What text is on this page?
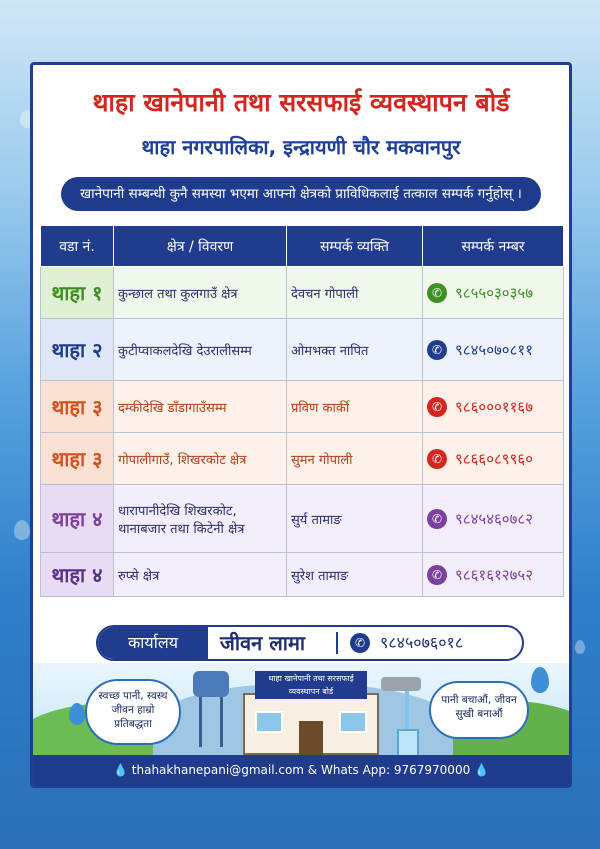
थाहा खानेपानी तथा सरसफाई व्यवस्थापन बोर्ड
थाहा नगरपालिका, इन्द्रायणी चौर मकवानपुर
खानेपानी सम्बन्धी कुनै समस्या भएमा आफ्नो क्षेत्रको प्राविधिकलाई तत्काल सम्पर्क गर्नुहोस् ।
वडा नं.	क्षेत्र / विवरण	सम्पर्क व्यक्ति	सम्पर्क नम्बर
थाहा १	कुन्छाल तथा कुलगाउँ क्षेत्र	देवचन गोपाली	✆ ९८५५०३०३५७
थाहा २	कुटीप्वाकलदेखि देउरालीसम्म	ओमभक्त नापित	✆ ९८४५०७०८११
थाहा ३	दम्कीदेखि डाँडागाउँसम्म	प्रविण कार्की	✆ ९८६०००११६७
थाहा ३	गोपालीगाउँ, शिखरकोट क्षेत्र	सुमन गोपाली	✆ ९८६६०८९९६०
थाहा ४	धारापानीदेखि शिखरकोट, थानाबजार तथा किटेनी क्षेत्र	सुर्य तामाङ	✆ ९८४५४६०७८२
थाहा ४	रुप्से क्षेत्र	सुरेश तामाङ	✆ ९८६१६१२७५२
कार्यालय	जीवन लामा	✆ ९८४५०७६०१८
थाहा खानेपानी तथा सरसफाई व्यवस्थापन बोर्ड
स्वच्छ पानी, स्वस्थ जीवन हाम्रो प्रतिबद्धता
पानी बचाऔं, जीवन सुखी बनाऔं
💧 thahakhanepani@gmail.com & Whats App: 9767970000 💧
